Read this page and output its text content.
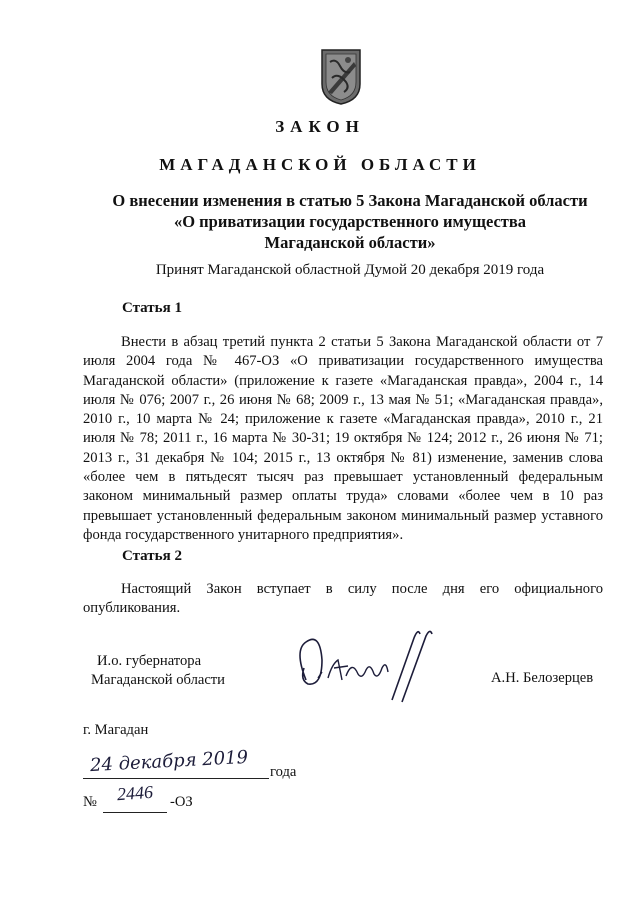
ЗАКОН
МАГАДАНСКОЙ ОБЛАСТИ
О внесении изменения в статью 5 Закона Магаданской области
«О приватизации государственного имущества
Магаданской области»
Принят Магаданской областной Думой 20 декабря 2019 года
Статья 1

Внести в абзац третий пункта 2 статьи 5 Закона Магаданской области от 7 июля 2004 года № 467-ОЗ «О приватизации государственного имущества Магаданской области» (приложение к газете «Магаданская правда», 2004 г., 14 июля № 076; 2007 г., 26 июня № 68; 2009 г., 13 мая № 51; «Магаданская правда», 2010 г., 10 марта № 24; приложение к газете «Магаданская правда», 2010 г., 21 июля № 78; 2011 г., 16 марта № 30-31; 19 октября № 124; 2012 г., 26 июня № 71; 2013 г., 31 декабря № 104; 2015 г., 13 октября № 81) изменение, заменив слова «более чем в пятьдесят тысяч раз превышает установленный федеральным законом минимальный размер оплаты труда» словами «более чем в 10 раз превышает установленный федеральным законом минимальный размер уставного фонда государственного унитарного предприятия».

Статья 2

Настоящий Закон вступает в силу после дня его официального опубликования.

И.о. губернатора
Магаданской области	А.Н. Белозерцев
г. Магадан
24 декабря 2019 года
№ 2446 -ОЗ
